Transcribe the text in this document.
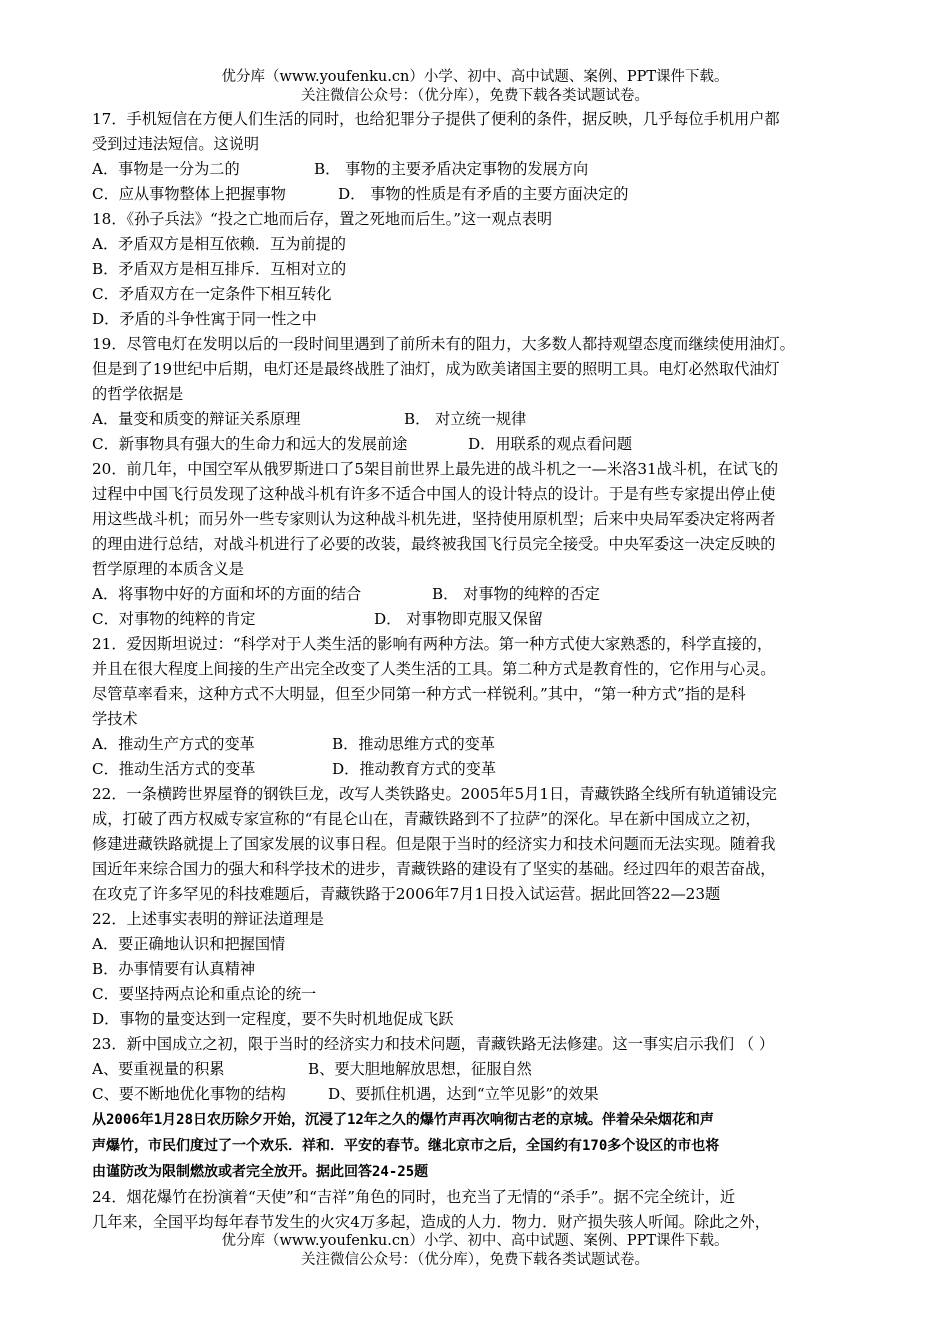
优分库（www.youfenku.cn）小学、初中、高中试题、案例、PPT课件下载。
关注微信公众号：（优分库），免费下载各类试题试卷。
17．手机短信在方便人们生活的同时，也给犯罪分子提供了便利的条件，据反映，几乎每位手机用户都
受到过违法短信。这说明
A．事物是一分为二的	B． 事物的主要矛盾决定事物的发展方向
C．应从事物整体上把握事物	D． 事物的性质是有矛盾的主要方面决定的
18．《孙子兵法》“投之亡地而后存，置之死地而后生。”这一观点表明
A．矛盾双方是相互依赖．互为前提的
B．矛盾双方是相互排斥．互相对立的
C．矛盾双方在一定条件下相互转化
D．矛盾的斗争性寓于同一性之中
19．尽管电灯在发明以后的一段时间里遇到了前所未有的阻力，大多数人都持观望态度而继续使用油灯。
但是到了19世纪中后期，电灯还是最终战胜了油灯，成为欧美诸国主要的照明工具。电灯必然取代油灯
的哲学依据是
A．量变和质变的辩证关系原理	B． 对立统一规律
C．新事物具有强大的生命力和远大的发展前途	D．用联系的观点看问题
20．前几年，中国空军从俄罗斯进口了5架目前世界上最先进的战斗机之一—米洛31战斗机，在试飞的
过程中中国飞行员发现了这种战斗机有许多不适合中国人的设计特点的设计。于是有些专家提出停止使
用这些战斗机；而另外一些专家则认为这种战斗机先进，坚持使用原机型；后来中央局军委决定将两者
的理由进行总结，对战斗机进行了必要的改装，最终被我国飞行员完全接受。中央军委这一决定反映的
哲学原理的本质含义是
A．将事物中好的方面和坏的方面的结合	B． 对事物的纯粹的否定
C．对事物的纯粹的肯定	D． 对事物即克服又保留
21．爱因斯坦说过：“科学对于人类生活的影响有两种方法。第一种方式使大家熟悉的，科学直接的，
并且在很大程度上间接的生产出完全改变了人类生活的工具。第二种方式是教育性的，它作用与心灵。
尽管草率看来，这种方式不大明显，但至少同第一种方式一样锐利。”其中，“第一种方式”指的是科
学技术
A．推动生产方式的变革	B．推动思维方式的变革
C．推动生活方式的变革	D．推动教育方式的变革
22．一条横跨世界屋脊的钢铁巨龙，改写人类铁路史。2005年5月1日，青藏铁路全线所有轨道铺设完
成，打破了西方权威专家宣称的“有昆仑山在，青藏铁路到不了拉萨”的深化。早在新中国成立之初，
修建进藏铁路就提上了国家发展的议事日程。但是限于当时的经济实力和技术问题而无法实现。随着我
国近年来综合国力的强大和科学技术的进步，青藏铁路的建设有了坚实的基础。经过四年的艰苦奋战，
在攻克了许多罕见的科技难题后，青藏铁路于2006年7月1日投入试运营。据此回答22—23题
22．上述事实表明的辩证法道理是
A．要正确地认识和把握国情
B．办事情要有认真精神
C．要坚持两点论和重点论的统一
D．事物的量变达到一定程度，要不失时机地促成飞跃
23．新中国成立之初，限于当时的经济实力和技术问题，青藏铁路无法修建。这一事实启示我们 （ ）
A、要重视量的积累	B、要大胆地解放思想，征服自然
C、要不断地优化事物的结构	D、要抓住机遇，达到“立竿见影”的效果
从2006年1月28日农历除夕开始，沉浸了12年之久的爆竹声再次响彻古老的京城。伴着朵朵烟花和声
声爆竹，市民们度过了一个欢乐．祥和．平安的春节。继北京市之后，全国约有170多个设区的市也将
由谨防改为限制燃放或者完全放开。据此回答24-25题
24．烟花爆竹在扮演着“天使”和“吉祥”角色的同时，也充当了无情的“杀手”。据不完全统计，近
几年来，全国平均每年春节发生的火灾4万多起，造成的人力．物力．财产损失骇人听闻。除此之外，
优分库（www.youfenku.cn）小学、初中、高中试题、案例、PPT课件下载。
关注微信公众号：（优分库），免费下载各类试题试卷。
